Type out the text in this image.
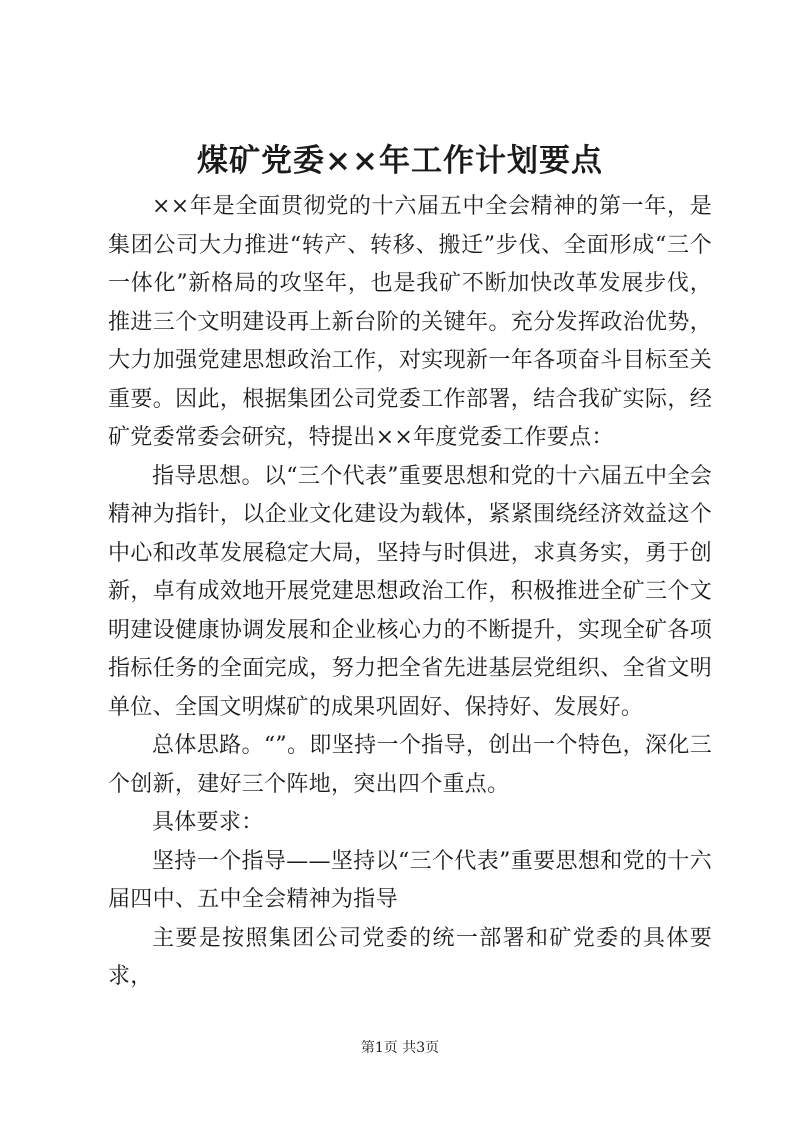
煤矿党委××年工作计划要点

××年是全面贯彻党的十六届五中全会精神的第一年，是集团公司大力推进“转产、转移、搬迁”步伐、全面形成“三个一体化”新格局的攻坚年，也是我矿不断加快改革发展步伐，推进三个文明建设再上新台阶的关键年。充分发挥政治优势，大力加强党建思想政治工作，对实现新一年各项奋斗目标至关重要。因此，根据集团公司党委工作部署，结合我矿实际，经矿党委常委会研究，特提出××年度党委工作要点：

指导思想。以“三个代表”重要思想和党的十六届五中全会精神为指针，以企业文化建设为载体，紧紧围绕经济效益这个中心和改革发展稳定大局，坚持与时俱进，求真务实，勇于创新，卓有成效地开展党建思想政治工作，积极推进全矿三个文明建设健康协调发展和企业核心力的不断提升，实现全矿各项指标任务的全面完成，努力把全省先进基层党组织、全省文明单位、全国文明煤矿的成果巩固好、保持好、发展好。

总体思路。“”。即坚持一个指导，创出一个特色，深化三个创新，建好三个阵地，突出四个重点。

具体要求：

坚持一个指导——坚持以“三个代表”重要思想和党的十六届四中、五中全会精神为指导

主要是按照集团公司党委的统一部署和矿党委的具体要求，

第1页 共3页
